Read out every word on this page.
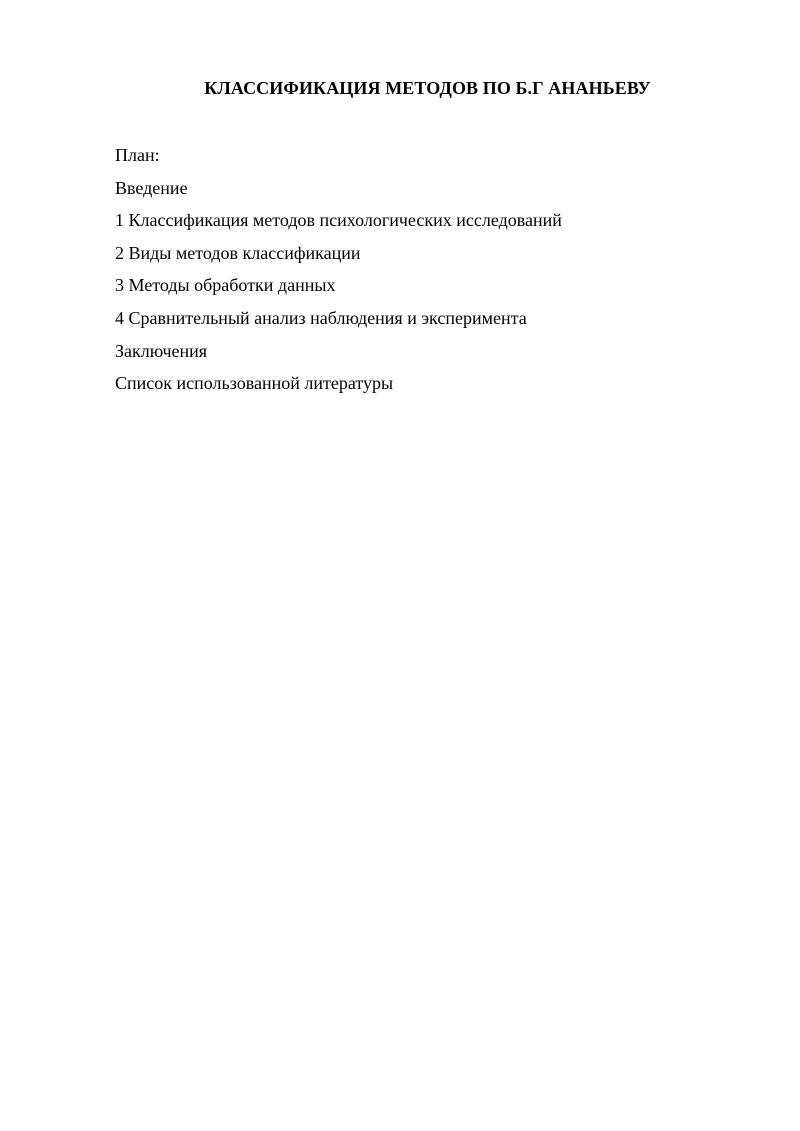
КЛАССИФИКАЦИЯ МЕТОДОВ ПО Б.Г АНАНЬЕВУ

План:

Введение
1 Классификация методов психологических исследований
2 Виды методов классификации
3 Методы обработки данных
4 Сравнительный анализ наблюдения и эксперимента
Заключения
Список использованной литературы
